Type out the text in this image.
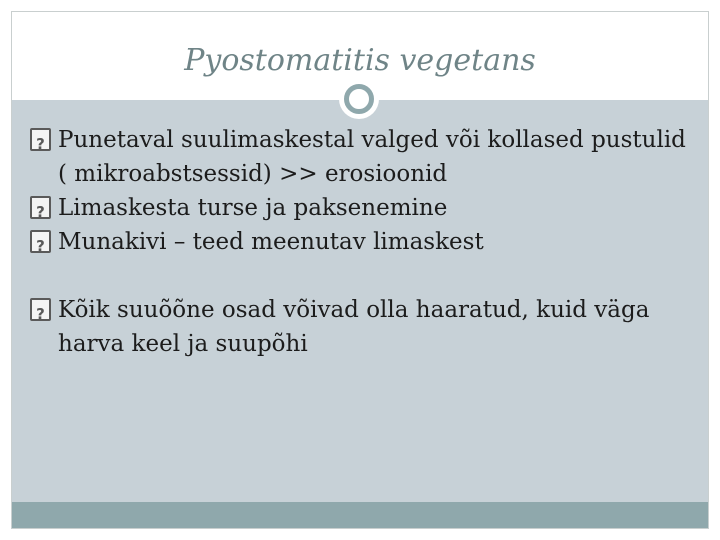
Pyostomatitis vegetans
?
Punetaval suulimaskestal valged või kollased pustulid ( mikroabstsessid) >> erosioonid
?
Limaskesta turse ja paksenemine
?
Munakivi – teed meenutav limaskest
?
Kõik suuõõne osad võivad olla haaratud, kuid väga harva keel ja suupõhi
